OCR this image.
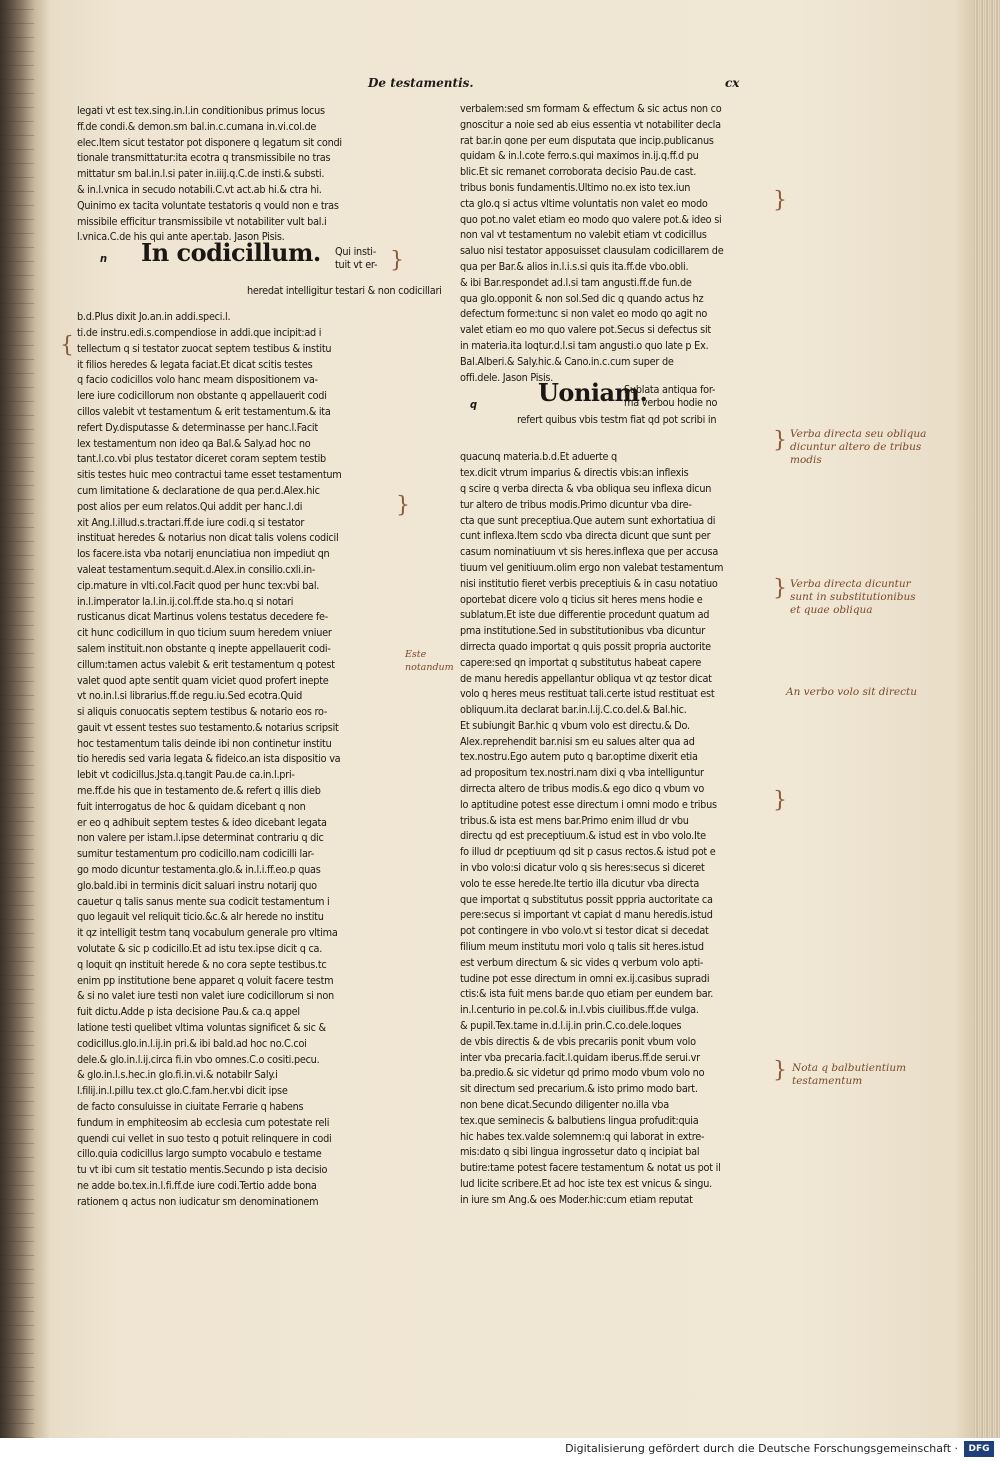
De testamentis.	cx
legati vt est tex.sing.in.l.in conditionibus primus locus
ff.de condi.& demon.sm bal.in.c.cumana in.vi.col.de
elec.Item sicut testator pot disponere q legatum sit condi
tionale transmittatur:ita ecotra q transmissibile no tras
mittatur sm bal.in.l.si pater in.iiij.q.C.de insti.& substi.
& in.l.vnica in secudo notabili.C.vt act.ab hi.& ctra hi.
Quinimo ex tacita voluntate testatoris q vould non e tras
missibile efficitur transmissibile vt notabiliter vult bal.i
l.vnica.C.de his qui ante aper.tab. Jason Pisis.
n In codicillum. Qui insti-
tuit vt er-
heredat intelligitur testari & non codicillari
b.d.Plus dixit Jo.an.in addi.speci.l.
ti.de instru.edi.s.compendiose in addi.que incipit:ad i
tellectum q si testator zuocat septem testibus & institu
it filios heredes & legata faciat.Et dicat scitis testes
q facio codicillos volo hanc meam dispositionem va-
lere iure codicillorum non obstante q appellauerit codi
cillos valebit vt testamentum & erit testamentum.& ita
refert Dy.disputasse & determinasse per hanc.l.Facit
lex testamentum non ideo qa Bal.& Saly.ad hoc no
tant.l.co.vbi plus testator diceret coram septem testib
sitis testes huic meo contractui tame esset testamentum
cum limitatione & declaratione de qua per.d.Alex.hic
post alios per eum relatos.Qui addit per hanc.l.di
xit Ang.l.illud.s.tractari.ff.de iure codi.q si testator
instituat heredes & notarius non dicat talis volens codicil
los facere.ista vba notarij enunciatiua non impediut qn
valeat testamentum.sequit.d.Alex.in consilio.cxli.in-
cip.mature in vlti.col.Facit quod per hunc tex:vbi bal.
in.l.imperator la.l.in.ij.col.ff.de sta.ho.q si notari
rusticanus dicat Martinus volens testatus decedere fe-
cit hunc codicillum in quo ticium suum heredem vniuer
salem instituit.non obstante q inepte appellauerit codi-
cillum:tamen actus valebit & erit testamentum q potest
valet quod apte sentit quam viciet quod profert inepte
vt no.in.l.si librarius.ff.de regu.iu.Sed ecotra.Quid
si aliquis conuocatis septem testibus & notario eos ro-
gauit vt essent testes suo testamento.& notarius scripsit
hoc testamentum talis deinde ibi non continetur institu
tio heredis sed varia legata & fideico.an ista dispositio va
lebit vt codicillus.Jsta.q.tangit Pau.de ca.in.l.pri-
me.ff.de his que in testamento de.& refert q illis dieb
fuit interrogatus de hoc & quidam dicebant q non
er eo q adhibuit septem testes & ideo dicebant legata
non valere per istam.l.ipse determinat contrariu q dic
sumitur testamentum pro codicillo.nam codicilli lar-
go modo dicuntur testamenta.glo.& in.l.i.ff.eo.p quas
glo.bald.ibi in terminis dicit saluari instru notarij quo
cauetur q talis sanus mente sua codicit testamentum i
quo legauit vel reliquit ticio.&c.& alr herede no institu
it qz intelligit testm tanq vocabulum generale pro vltima
volutate & sic p codicillo.Et ad istu tex.ipse dicit q ca.
q loquit qn instituit herede & no cora septe testibus.tc
enim pp institutione bene apparet q voluit facere testm
& si no valet iure testi non valet iure codicillorum si non
fuit dictu.Adde p ista decisione Pau.& ca.q appel
latione testi quelibet vltima voluntas significet & sic &
codicillus.glo.in.l.ij.in pri.& ibi bald.ad hoc no.C.coi
dele.& glo.in.l.ij.circa fi.in vbo omnes.C.o cositi.pecu.
& glo.in.l.s.hec.in glo.fi.in.vi.& notabilr Saly.i
l.filij.in.l.pillu tex.ct glo.C.fam.her.vbi dicit ipse
de facto consuluisse in ciuitate Ferrarie q habens
fundum in emphiteosim ab ecclesia cum potestate reli
quendi cui vellet in suo testo q potuit relinquere in codi
cillo.quia codicillus largo sumpto vocabulo e testame
tu vt ibi cum sit testatio mentis.Secundo p ista decisio
ne adde bo.tex.in.l.fi.ff.de iure codi.Tertio adde bona
rationem q actus non iudicatur sm denominationem
verbalem:sed sm formam & effectum & sic actus non co
gnoscitur a noie sed ab eius essentia vt notabiliter decla
rat bar.in qone per eum disputata que incip.publicanus
quidam & in.l.cote ferro.s.qui maximos in.ij.q.ff.d pu
blic.Et sic remanet corroborata decisio Pau.de cast.
tribus bonis fundamentis.Ultimo no.ex isto tex.iun
cta glo.q si actus vltime voluntatis non valet eo modo
quo pot.no valet etiam eo modo quo valere pot.& ideo si
non val vt testamentum no valebit etiam vt codicillus
saluo nisi testator apposuisset clausulam codicillarem de
qua per Bar.& alios in.l.i.s.si quis ita.ff.de vbo.obli.
& ibi Bar.respondet ad.l.si tam angusti.ff.de fun.de
qua glo.opponit & non sol.Sed dic q quando actus hz
defectum forme:tunc si non valet eo modo qo agit no
valet etiam eo mo quo valere pot.Secus si defectus sit
in materia.ita loqtur.d.l.si tam angusti.o quo late p Ex.
Bal.Alberi.& Saly.hic.& Cano.in.c.cum super de
offi.dele. Jason Pisis.
q	Uoniam.
Sublata antiqua for-
ma verbou hodie no
refert quibus vbis testm fiat qd pot scribi in
quacunq materia.b.d.Et aduerte q
tex.dicit vtrum imparius & directis vbis:an inflexis
q scire q verba directa & vba obliqua seu inflexa dicun
tur altero de tribus modis.Primo dicuntur vba dire-
cta que sunt preceptiua.Que autem sunt exhortatiua di
cunt inflexa.Item scdo vba directa dicunt que sunt per
casum nominatiuum vt sis heres.inflexa que per accusa
tiuum vel genitiuum.olim ergo non valebat testamentum
nisi institutio fieret verbis preceptiuis & in casu notatiuo
oportebat dicere volo q ticius sit heres mens hodie e
sublatum.Et iste due differentie procedunt quatum ad
pma institutione.Sed in substitutionibus vba dicuntur
dirrecta quado importat q quis possit propria auctorite
capere:sed qn importat q substitutus habeat capere
de manu heredis appellantur obliqua vt qz testor dicat
volo q heres meus restituat tali.certe istud restituat est
obliquum.ita declarat bar.in.l.ij.C.co.del.& Bal.hic.
Et subiungit Bar.hic q vbum volo est directu.& Do.
Alex.reprehendit bar.nisi sm eu salues alter qua ad
tex.nostru.Ego autem puto q bar.optime dixerit etia
ad propositum tex.nostri.nam dixi q vba intelliguntur
dirrecta altero de tribus modis.& ego dico q vbum vo
lo aptitudine potest esse directum i omni modo e tribus
tribus.& ista est mens bar.Primo enim illud dr vbu
directu qd est preceptiuum.& istud est in vbo volo.Ite
fo illud dr pceptiuum qd sit p casus rectos.& istud pot e
in vbo volo:si dicatur volo q sis heres:secus si diceret
volo te esse herede.Ite tertio illa dicutur vba directa
que importat q substitutus possit pppria auctoritate ca
pere:secus si important vt capiat d manu heredis.istud
pot contingere in vbo volo.vt si testor dicat si decedat
filium meum institutu mori volo q talis sit heres.istud
est verbum directum & sic vides q verbum volo apti-
tudine pot esse directum in omni ex.ij.casibus supradi
ctis:& ista fuit mens bar.de quo etiam per eundem bar.
in.l.centurio in pe.col.& in.l.vbis ciuilibus.ff.de vulga.
& pupil.Tex.tame in.d.l.ij.in prin.C.co.dele.loques
de vbis directis & de vbis precariis ponit vbum volo
inter vba precaria.facit.l.quidam iberus.ff.de serui.vr
ba.predio.& sic videtur qd primo modo vbum volo no
sit directum sed precarium.& isto primo modo bart.
non bene dicat.Secundo diligenter no.illa vba
tex.que seminecis & balbutiens lingua profudit:quia
hic habes tex.valde solemnem:q qui laborat in extre-
mis:dato q sibi lingua ingrossetur dato q incipiat bal
butire:tame potest facere testamentum & notat us pot il
lud licite scribere.Et ad hoc iste tex est vnicus & singu.
in iure sm Ang.& oes Moder.hic:cum etiam reputat
}
}
{
}
}
}
}
}
Verba directa seu obliqua
dicuntur altero de tribus
modis
Verba directa dicuntur
sunt in substitutionibus
et quae obliqua
An verbo volo sit directu
Nota q balbutientium
testamentum
Este
notandum
Digitalisierung gefördert durch die Deutsche Forschungsgemeinschaft ·	DFG
